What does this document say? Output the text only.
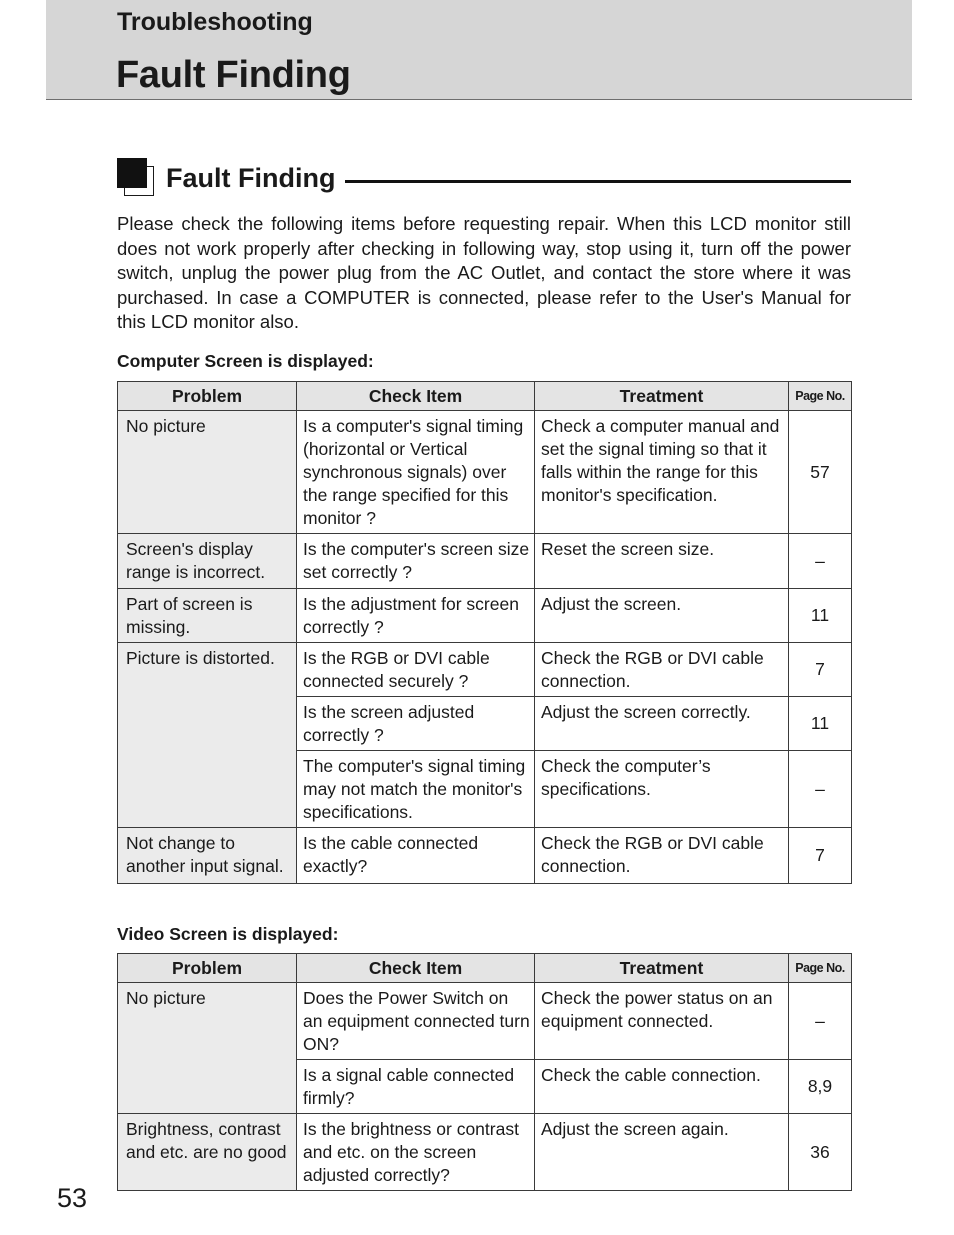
Troubleshooting
Fault Finding
Fault Finding

Please check the following items before requesting repair. When this LCD monitor still does not work properly after checking in following way, stop using it, turn off the power switch, unplug the power plug from the AC Outlet, and contact the store where it was purchased. In case a COMPUTER is connected, please refer to the User's Manual for this LCD monitor also.

Computer Screen is displayed:
Problem	Check Item	Treatment	Page No.
No picture	Is a computer's signal timing (horizontal or Vertical synchronous signals) over the range specified for this monitor ?	Check a computer manual and set the signal timing so that it falls within the range for this monitor's specification.	57
Screen's display range is incorrect.	Is the computer's screen size set correctly ?	Reset the screen size.	–
Part of screen is missing.	Is the adjustment for screen correctly ?	Adjust the screen.	11
Picture is distorted.	Is the RGB or DVI cable connected securely ?	Check the RGB or DVI cable connection.	7
	Is the screen adjusted correctly ?	Adjust the screen correctly.	11
	The computer's signal timing may not match the monitor's specifications.	Check the computer’s specifications.	–
Not change to another input signal.	Is the cable connected exactly?	Check the RGB or DVI cable connection.	7
Video Screen is displayed:
Problem	Check Item	Treatment	Page No.
No picture	Does the Power Switch on an equipment connected turn ON?	Check the power status on an equipment connected.	–
	Is a signal cable connected firmly?	Check the cable connection.	8,9
Brightness, contrast and etc. are no good	Is the brightness or contrast and etc. on the screen adjusted correctly?	Adjust the screen again.	36
53
